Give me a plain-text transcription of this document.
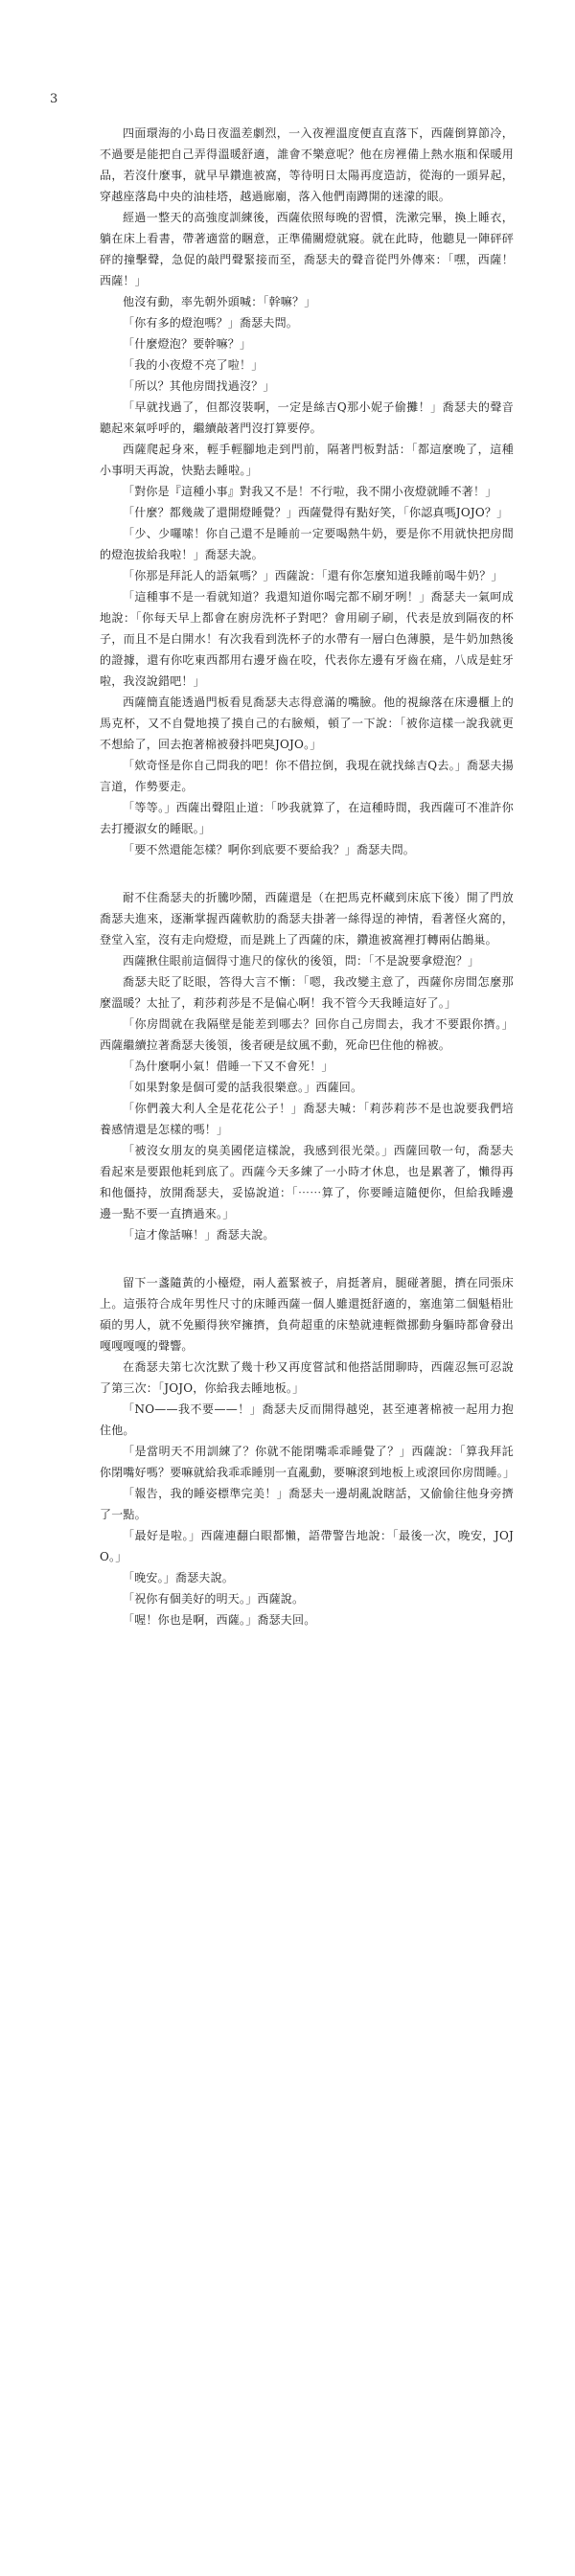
3

四面環海的小島日夜溫差劇烈，一入夜裡溫度便直直落下，西薩倒算節冷，不過要是能把自己弄得溫暖舒適，誰會不樂意呢？他在房裡備上熱水瓶和保暖用品，若沒什麼事，就早早鑽進被窩，等待明日太陽再度造訪，從海的一頭昇起，穿越座落島中央的油桂塔，越過廊廟，落入他們南蹲開的迷濛的眼。

經過一整天的高強度訓練後，西薩依照每晚的習慣，洗漱完畢，換上睡衣，躺在床上看書，帶著適當的睏意，正準備關燈就寢。就在此時，他聽見一陣砰砰砰的撞擊聲，急促的敲門聲緊接而至，喬瑟夫的聲音從門外傳來：「嘿，西薩！西薩！」

他沒有動，率先朝外頭喊：「幹嘛？」

「你有多的燈泡嗎？」喬瑟夫問。

「什麼燈泡？要幹嘛？」

「我的小夜燈不亮了啦！」

「所以？其他房間找過沒？」

「早就找過了，但都沒裝啊，一定是絲吉Q那小妮子偷攤！」喬瑟夫的聲音聽起來氣呼呼的，繼續敲著門沒打算要停。

西薩爬起身來，輕手輕腳地走到門前，隔著門板對話：「都這麼晚了，這種小事明天再說，快點去睡啦。」

「對你是『這種小事』對我又不是！不行啦，我不開小夜燈就睡不著！」

「什麼？都幾歲了還開燈睡覺？」西薩覺得有點好笑，「你認真嗎JOJO？」

「少、少囉嗦！你自己還不是睡前一定要喝熱牛奶，要是你不用就快把房間的燈泡拔給我啦！」喬瑟夫說。

「你那是拜託人的語氣嗎？」西薩說：「還有你怎麼知道我睡前喝牛奶？」

「這種事不是一看就知道？我還知道你喝完都不刷牙咧！」喬瑟夫一氣呵成地說：「你每天早上都會在廚房洗杯子對吧？會用刷子刷，代表是放到隔夜的杯子，而且不是白開水！有次我看到洗杯子的水帶有一層白色薄膜，是牛奶加熱後的證據，還有你吃東西都用右邊牙齒在咬，代表你左邊有牙齒在痛，八成是蛀牙啦，我沒說錯吧！」

西薩簡直能透過門板看見喬瑟夫志得意滿的嘴臉。他的視線落在床邊櫃上的馬克杯，又不自覺地摸了摸自己的右臉頰，頓了一下說：「被你這樣一說我就更不想給了，回去抱著棉被發抖吧臭JOJO。」

「欸奇怪是你自己問我的吧！你不借拉倒，我現在就找絲吉Q去。」喬瑟夫揚言道，作勢要走。

「等等。」西薩出聲阻止道：「吵我就算了，在這種時間，我西薩可不准許你去打擾淑女的睡眠。」

「要不然還能怎樣？啊你到底要不要給我？」喬瑟夫問。

耐不住喬瑟夫的折騰吵鬧，西薩還是（在把馬克杯藏到床底下後）開了門放喬瑟夫進來，逐漸掌握西薩軟肋的喬瑟夫掛著一絲得逞的神情，看著怪火窩的，登堂入室，沒有走向燈燈，而是跳上了西薩的床，鑽進被窩裡打轉兩佔鵲巢。

西薩揪住眼前這個得寸進尺的傢伙的後領，問：「不是說要拿燈泡？」

喬瑟夫眨了眨眼，答得大言不慚：「嗯，我改變主意了，西薩你房間怎麼那麼溫暖？太扯了，莉莎莉莎是不是偏心啊！我不管今天我睡這好了。」

「你房間就在我隔壁是能差到哪去？回你自己房間去，我才不要跟你擠。」西薩繼續拉著喬瑟夫後領，後者硬是紋風不動，死命巴住他的棉被。

「為什麼啊小氣！借睡一下又不會死！」

「如果對象是個可愛的話我很樂意。」西薩回。

「你們義大利人全是花花公子！」喬瑟夫喊：「莉莎莉莎不是也說要我們培養感情還是怎樣的嗎！」

「被沒女朋友的臭美國佬這樣說，我感到很光榮。」西薩回敬一句，喬瑟夫看起來是要跟他耗到底了。西薩今天多練了一小時才休息，也是累著了，懶得再和他僵持，放開喬瑟夫，妥協說道：「⋯⋯算了，你要睡這隨便你，但給我睡邊邊一點不要一直擠過來。」

「這才像話嘛！」喬瑟夫說。

留下一盞隨黃的小檯燈，兩人蓋緊被子，肩挺著肩，腿碰著腿，擠在同張床上。這張符合成年男性尺寸的床睡西薩一個人雖還挺舒適的，塞進第二個魁梧壯碩的男人，就不免顯得狹窄擁擠，負荷超重的床墊就連輕微挪動身軀時都會發出嘎嘎嘎嘎的聲響。

在喬瑟夫第七次沈默了幾十秒又再度嘗試和他搭話閒聊時，西薩忍無可忍說了第三次：「JOJO，你給我去睡地板。」

「NO——我不要——！」喬瑟夫反而開得越兇，甚至連著棉被一起用力抱住他。

「是當明天不用訓練了？你就不能閉嘴乖乖睡覺了？」西薩說：「算我拜託你閉嘴好嗎？要嘛就給我乖乖睡別一直亂動，要嘛滾到地板上或滾回你房間睡。」

「報告，我的睡姿標準完美！」喬瑟夫一邊胡亂說瞎話，又偷偷往他身旁擠了一點。

「最好是啦。」西薩連翻白眼都懶，語帶警告地說：「最後一次，晚安，JOJO。」

「晚安。」喬瑟夫說。

「祝你有個美好的明天。」西薩說。

「喔！你也是啊，西薩。」喬瑟夫回。
